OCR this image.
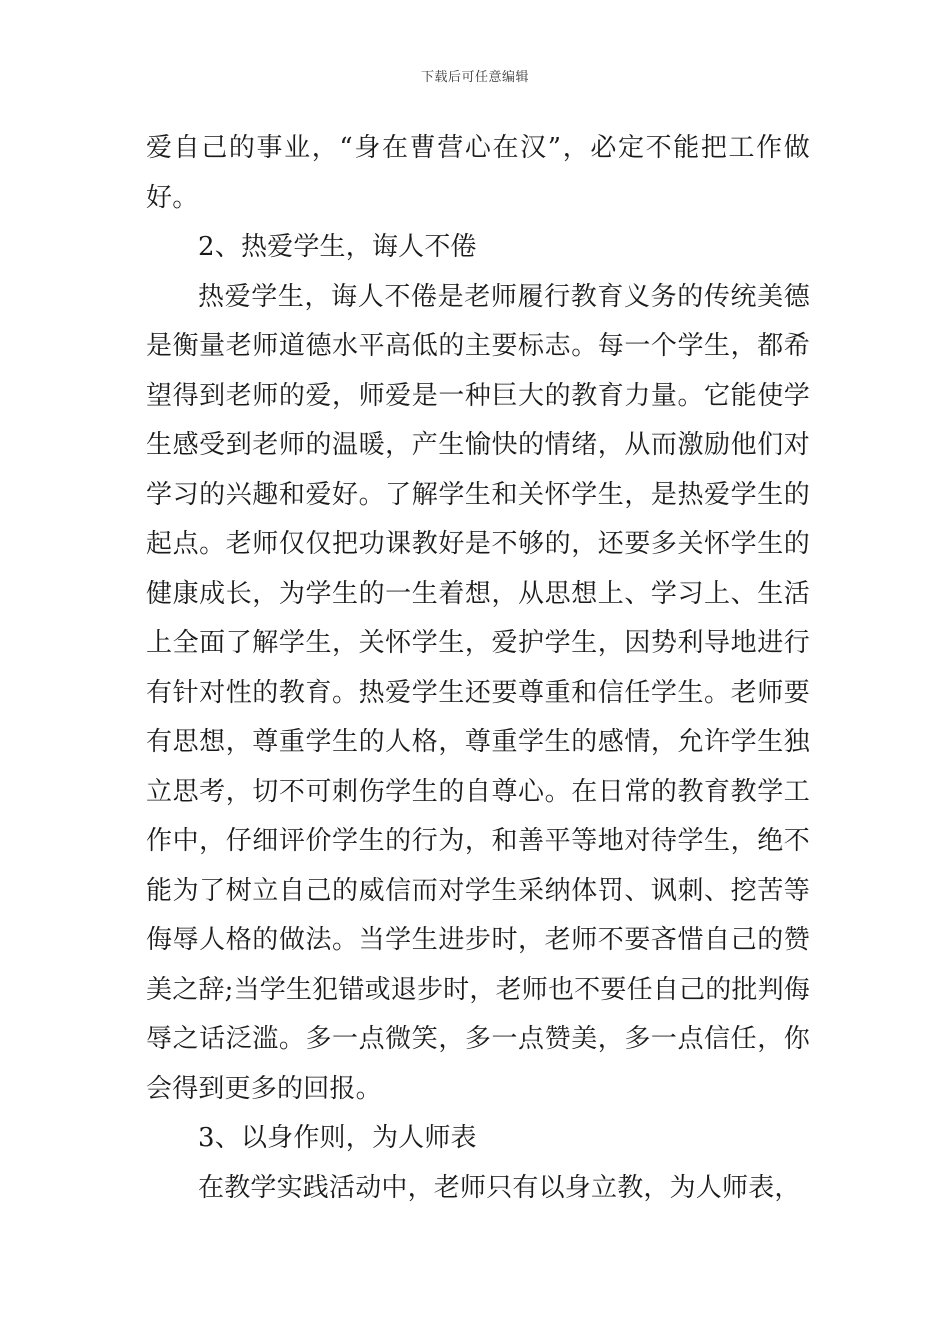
下载后可任意编辑

爱自己的事业，“身在曹营心在汉”，必定不能把工作做好。

2、热爱学生，诲人不倦

热爱学生，诲人不倦是老师履行教育义务的传统美德是衡量老师道德水平高低的主要标志。每一个学生，都希望得到老师的爱，师爱是一种巨大的教育力量。它能使学生感受到老师的温暖，产生愉快的情绪，从而激励他们对学习的兴趣和爱好。了解学生和关怀学生，是热爱学生的起点。老师仅仅把功课教好是不够的，还要多关怀学生的健康成长，为学生的一生着想，从思想上、学习上、生活上全面了解学生，关怀学生，爱护学生，因势利导地进行有针对性的教育。热爱学生还要尊重和信任学生。老师要有思想，尊重学生的人格，尊重学生的感情，允许学生独立思考，切不可刺伤学生的自尊心。在日常的教育教学工作中，仔细评价学生的行为，和善平等地对待学生，绝不能为了树立自己的威信而对学生采纳体罚、讽刺、挖苦等侮辱人格的做法。当学生进步时，老师不要吝惜自己的赞美之辞;当学生犯错或退步时，老师也不要任自己的批判侮辱之话泛滥。多一点微笑，多一点赞美，多一点信任，你会得到更多的回报。

3、以身作则，为人师表

在教学实践活动中，老师只有以身立教，为人师表，
